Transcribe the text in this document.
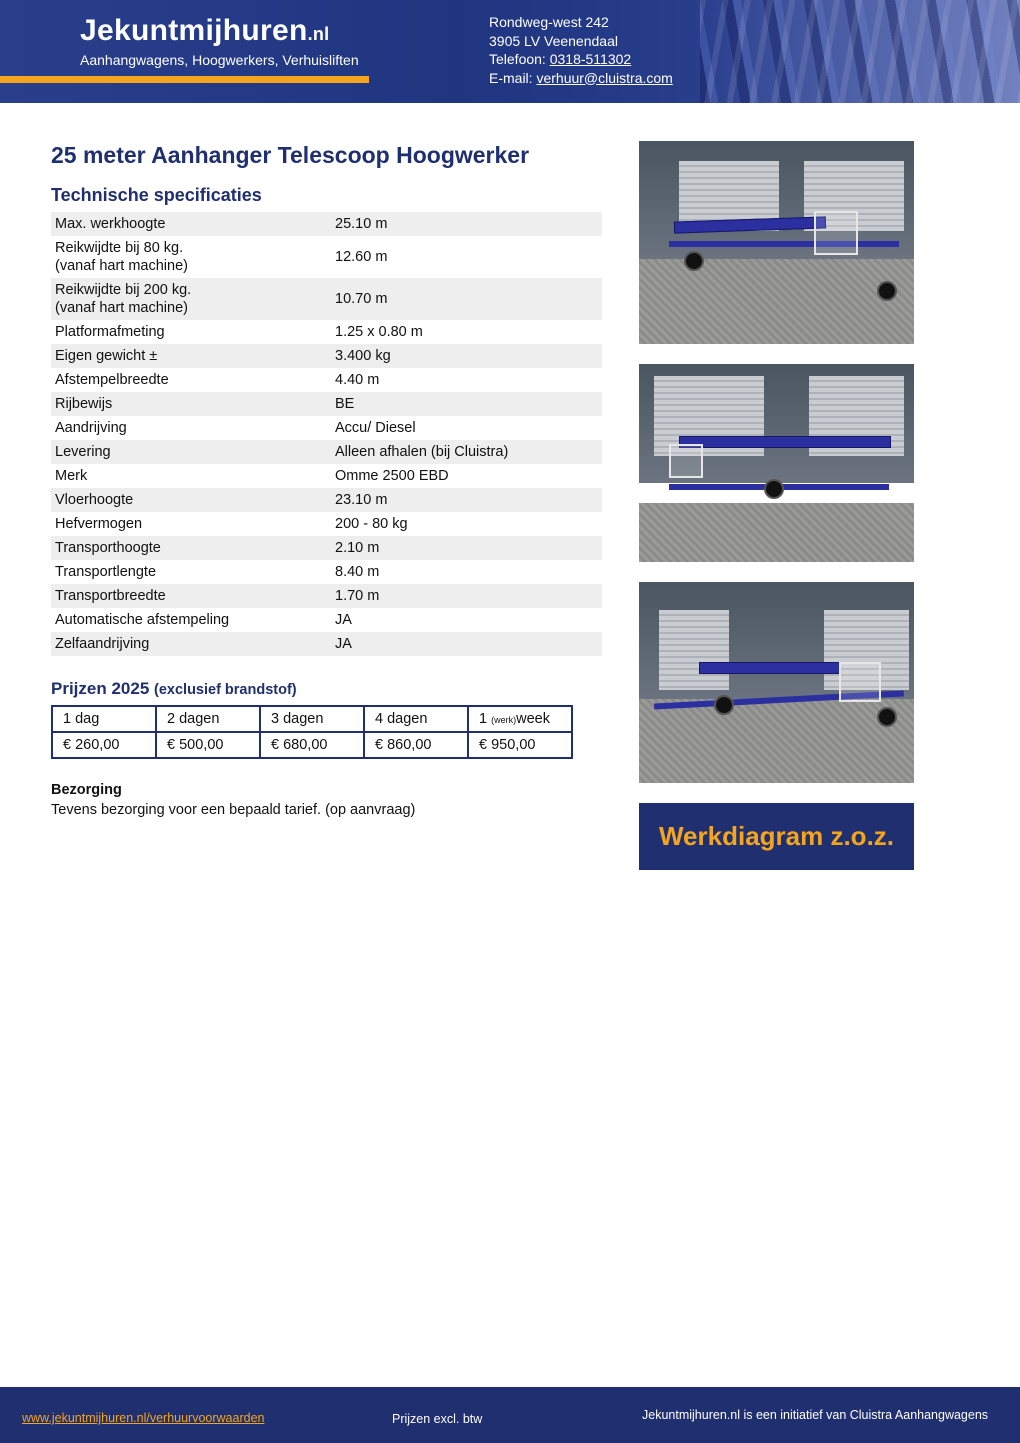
Jekuntmijhuren.nl
Aanhangwagens, Hoogwerkers, Verhuisliften
Rondweg-west 242
3905 LV Veenendaal
Telefoon: 0318-511302
E-mail: verhuur@cluistra.com
25 meter Aanhanger Telescoop Hoogwerker
Technische specificaties
Max. werkhoogte	25.10 m
Reikwijdte bij 80 kg.
(vanaf hart machine)	12.60 m
Reikwijdte bij 200 kg.
(vanaf hart machine)	10.70 m
Platformafmeting	1.25 x 0.80 m
Eigen gewicht ±	3.400 kg
Afstempelbreedte	4.40 m
Rijbewijs	BE
Aandrijving	Accu/ Diesel
Levering	Alleen afhalen (bij Cluistra)
Merk	Omme 2500 EBD
Vloerhoogte	23.10 m
Hefvermogen	200 - 80 kg
Transporthoogte	2.10 m
Transportlengte	8.40 m
Transportbreedte	1.70 m
Automatische afstempeling	JA
Zelfaandrijving	JA
Prijzen 2025 (exclusief brandstof)
1 dag	2 dagen	3 dagen	4 dagen	1 (werk)week
€ 260,00	€ 500,00	€ 680,00	€ 860,00	€ 950,00
Bezorging
Tevens bezorging voor een bepaald tarief. (op aanvraag)
Werkdiagram z.o.z.
www.jekuntmijhuren.nl/verhuurvoorwaarden	Prijzen excl. btw	Jekuntmijhuren.nl is een initiatief van Cluistra Aanhangwagens
